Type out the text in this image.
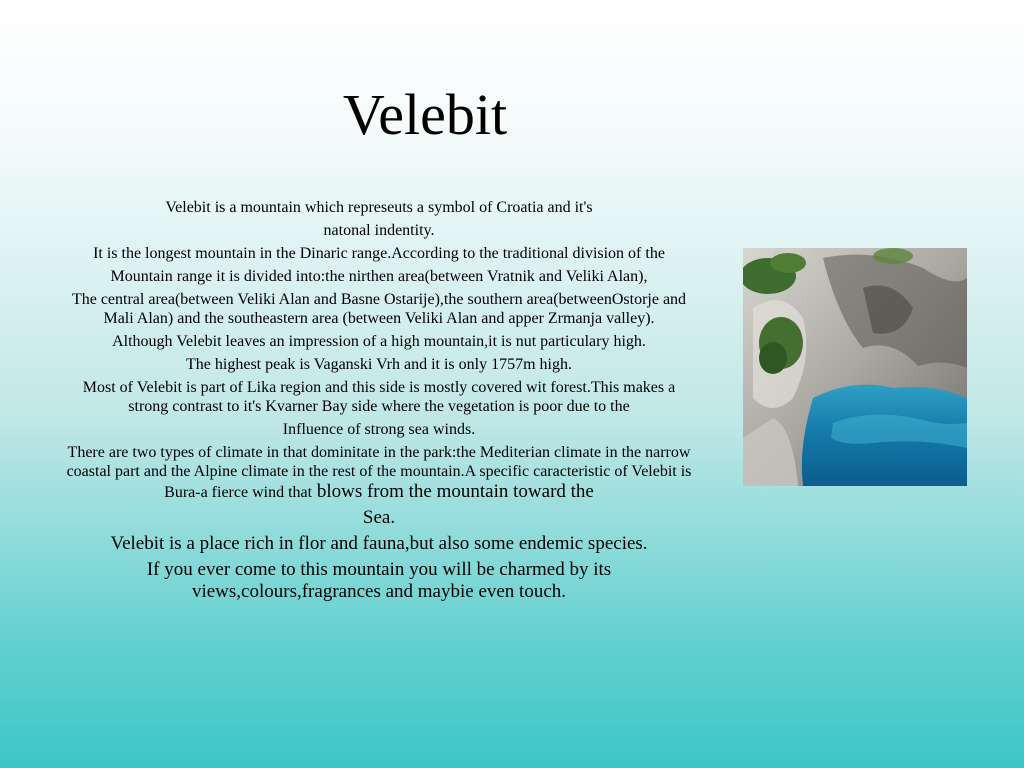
Velebit

Velebit is a mountain which represeuts a symbol of Croatia and it's

natonal indentity.

It is the longest mountain in the Dinaric range.According to the traditional division of the

Mountain range it is divided into:the nirthen area(between Vratnik and Veliki Alan),

The central area(between Veliki Alan and Basne Ostarije),the southern area(betweenOstorje and Mali Alan) and the southeastern area (between Veliki Alan and apper Zrmanja valley).

Although Velebit leaves an impression of a high mountain,it is nut particulary high.

The highest peak is Vaganski Vrh and it is only 1757m high.

Most of Velebit is part of Lika region and this side is mostly covered wit forest.This makes a strong contrast to it's Kvarner Bay side where the vegetation is poor due to the

Influence of strong sea winds.

There are two types of climate in that dominitate in the park:the Mediterian climate in the narrow coastal part and the Alpine climate in the rest of the mountain.A specific caracteristic of Velebit is Bura-a fierce wind that blows from the mountain toward the

Sea.

Velebit is a place rich in flor and fauna,but also some endemic species.

If you ever come to this mountain you will be charmed by its views,colours,fragrances and maybie even touch.
